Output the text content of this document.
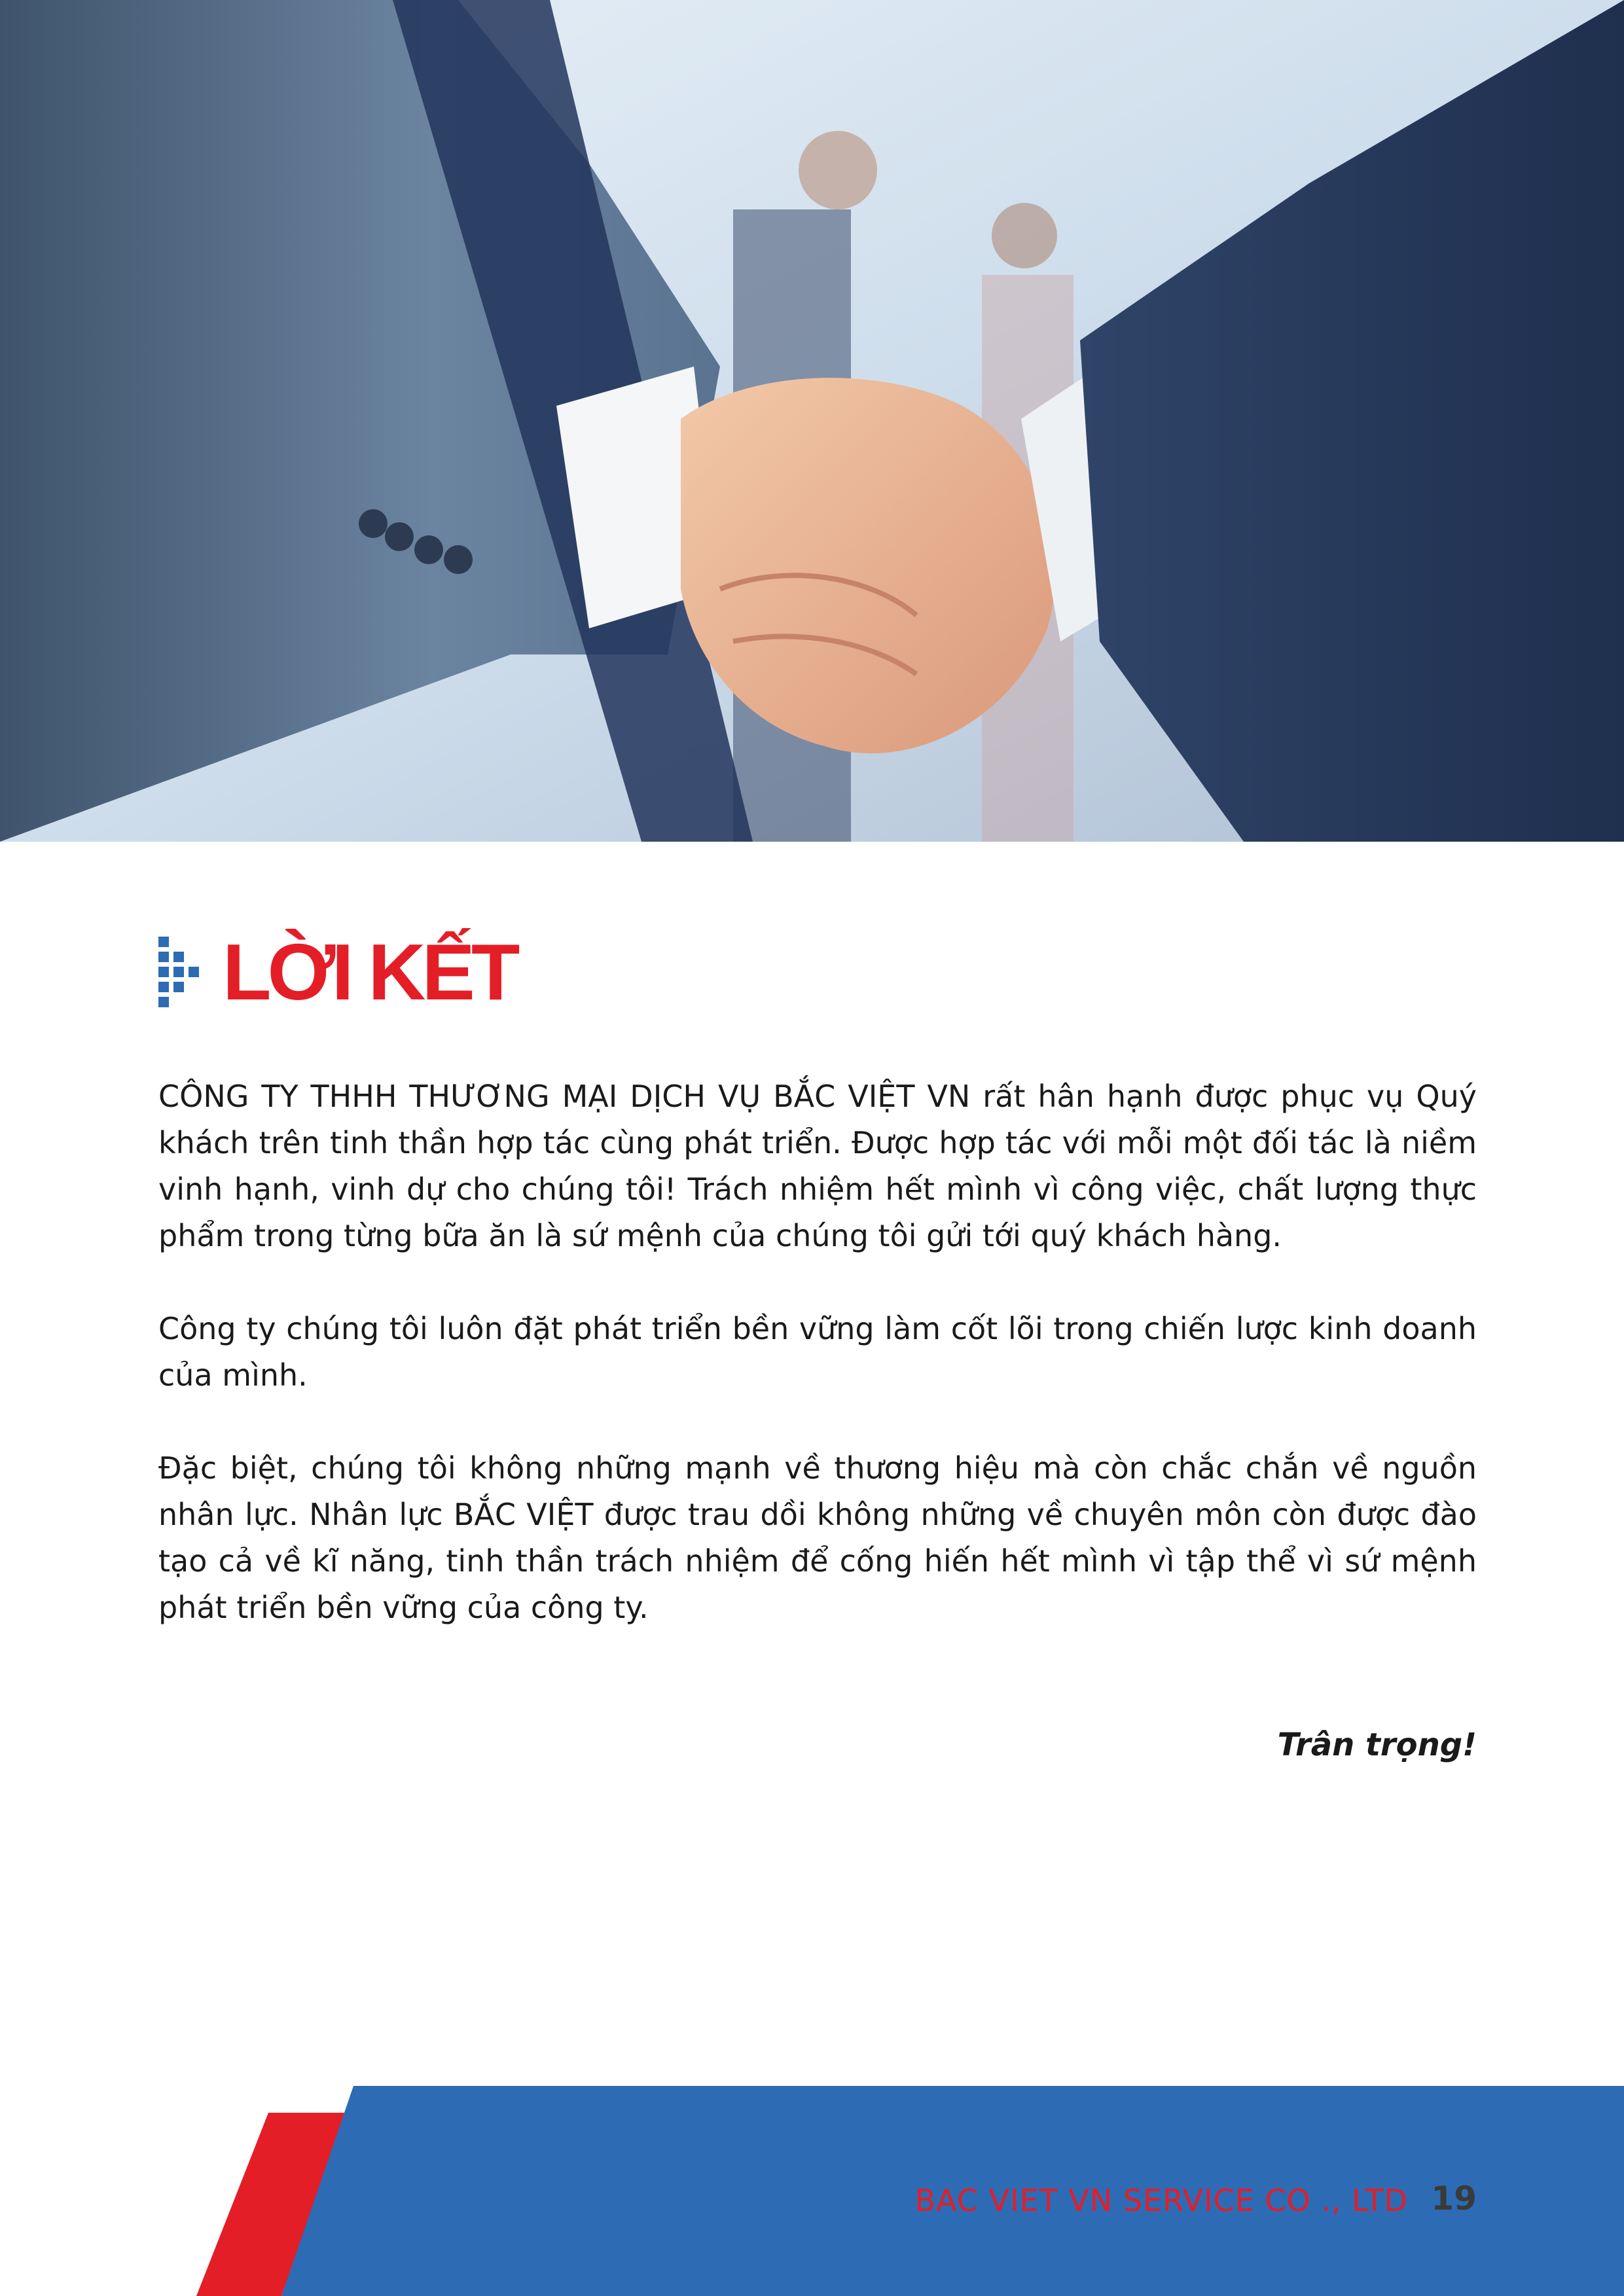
LỜI KẾT

CÔNG TY THHH THƯƠNG MẠI DỊCH VỤ BẮC VIỆT VN rất hân hạnh được phục vụ Quý khách trên tinh thần hợp tác cùng phát triển. Được hợp tác với mỗi một đối tác là niềm vinh hạnh, vinh dự cho chúng tôi! Trách nhiệm hết mình vì công việc, chất lượng thực phẩm trong từng bữa ăn là sứ mệnh của chúng tôi gửi tới quý khách hàng.

Công ty chúng tôi luôn đặt phát triển bền vững làm cốt lõi trong chiến lược kinh doanh của mình.

Đặc biệt, chúng tôi không những mạnh về thương hiệu mà còn chắc chắn về nguồn nhân lực. Nhân lực BẮC VIỆT được trau dồi không những về chuyên môn còn được đào tạo cả về kĩ năng, tinh thần trách nhiệm để cống hiến hết mình vì tập thể vì sứ mệnh phát triển bền vững của công ty.

Trân trọng!
BAC VIET VN SERVICE CO ., LTD 19
